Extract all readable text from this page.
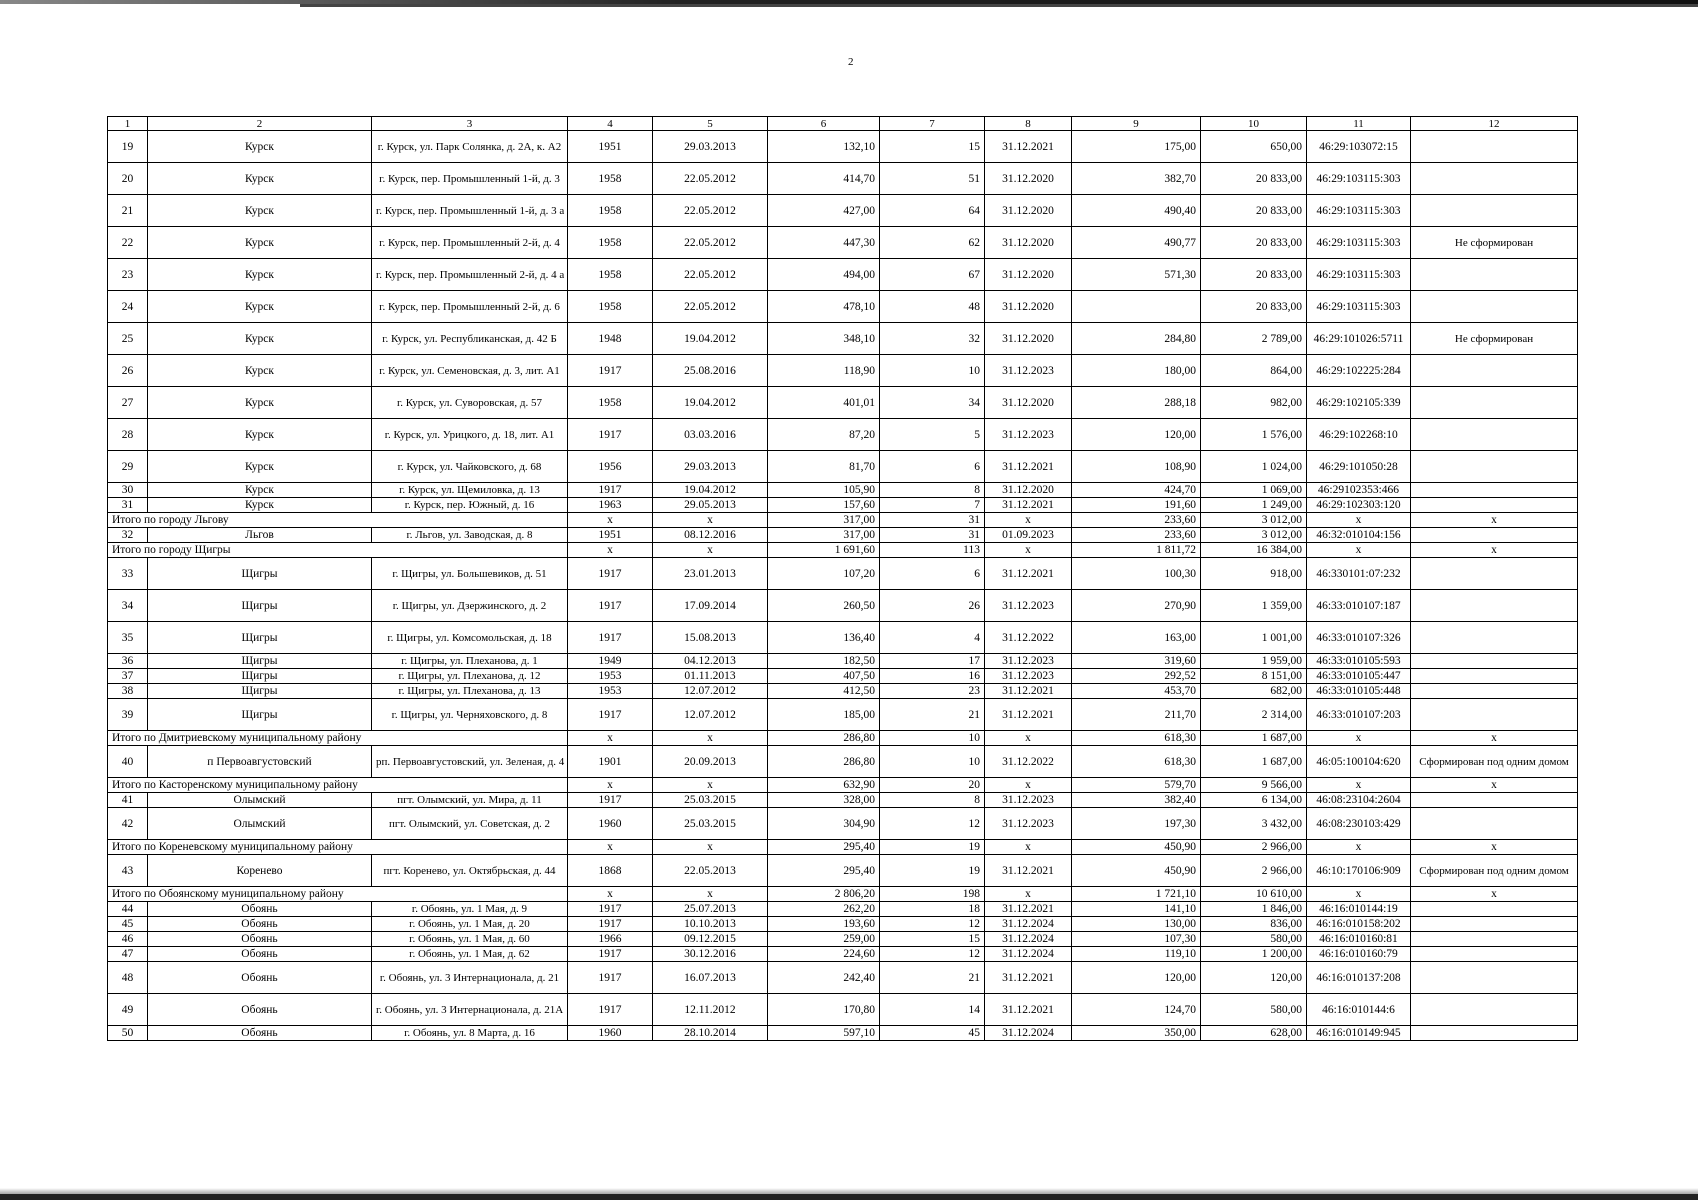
2
1	2	3	4	5	6	7	8	9	10	11	12
19	Курск	г. Курск, ул. Парк Солянка, д. 2А, к. А2	1951	29.03.2013	132,10	15	31.12.2021	175,00	650,00	46:29:103072:15	
20	Курск	г. Курск, пер. Промышленный 1-й, д. 3	1958	22.05.2012	414,70	51	31.12.2020	382,70	20 833,00	46:29:103115:303	
21	Курск	г. Курск, пер. Промышленный 1-й, д. 3 а	1958	22.05.2012	427,00	64	31.12.2020	490,40	20 833,00	46:29:103115:303	
22	Курск	г. Курск, пер. Промышленный 2-й, д. 4	1958	22.05.2012	447,30	62	31.12.2020	490,77	20 833,00	46:29:103115:303	Не сформирован
23	Курск	г. Курск, пер. Промышленный 2-й, д. 4 а	1958	22.05.2012	494,00	67	31.12.2020	571,30	20 833,00	46:29:103115:303	
24	Курск	г. Курск, пер. Промышленный 2-й, д. 6	1958	22.05.2012	478,10	48	31.12.2020		20 833,00	46:29:103115:303	
25	Курск	г. Курск, ул. Республиканская, д. 42 Б	1948	19.04.2012	348,10	32	31.12.2020	284,80	2 789,00	46:29:101026:5711	Не сформирован
26	Курск	г. Курск, ул. Семеновская, д. 3, лит. А1	1917	25.08.2016	118,90	10	31.12.2023	180,00	864,00	46:29:102225:284	
27	Курск	г. Курск, ул. Суворовская, д. 57	1958	19.04.2012	401,01	34	31.12.2020	288,18	982,00	46:29:102105:339	
28	Курск	г. Курск, ул. Урицкого, д. 18, лит. А1	1917	03.03.2016	87,20	5	31.12.2023	120,00	1 576,00	46:29:102268:10	
29	Курск	г. Курск, ул. Чайковского, д. 68	1956	29.03.2013	81,70	6	31.12.2021	108,90	1 024,00	46:29:101050:28	
30	Курск	г. Курск, ул. Щемиловка, д. 13	1917	19.04.2012	105,90	8	31.12.2020	424,70	1 069,00	46:29102353:466	
31	Курск	г. Курск, пер. Южный, д. 16	1963	29.05.2013	157,60	7	31.12.2021	191,60	1 249,00	46:29:102303:120	
Итого по городу Льгову			х	х	317,00	31	х	233,60	3 012,00	х	х
32	Льгов	г. Льгов, ул. Заводская, д. 8	1951	08.12.2016	317,00	31	01.09.2023	233,60	3 012,00	46:32:010104:156	
Итого по городу Щигры			х	х	1 691,60	113	х	1 811,72	16 384,00	х	х
33	Щигры	г. Щигры, ул. Большевиков, д. 51	1917	23.01.2013	107,20	6	31.12.2021	100,30	918,00	46:330101:07:232	
34	Щигры	г. Щигры, ул. Дзержинского, д. 2	1917	17.09.2014	260,50	26	31.12.2023	270,90	1 359,00	46:33:010107:187	
35	Щигры	г. Щигры, ул. Комсомольская, д. 18	1917	15.08.2013	136,40	4	31.12.2022	163,00	1 001,00	46:33:010107:326	
36	Щигры	г. Щигры, ул. Плеханова, д. 1	1949	04.12.2013	182,50	17	31.12.2023	319,60	1 959,00	46:33:010105:593	
37	Щигры	г. Щигры, ул. Плеханова, д. 12	1953	01.11.2013	407,50	16	31.12.2023	292,52	8 151,00	46:33:010105:447	
38	Щигры	г. Щигры, ул. Плеханова, д. 13	1953	12.07.2012	412,50	23	31.12.2021	453,70	682,00	46:33:010105:448	
39	Щигры	г. Щигры, ул. Черняховского, д. 8	1917	12.07.2012	185,00	21	31.12.2021	211,70	2 314,00	46:33:010107:203	
Итого по Дмитриевскому муниципальному району			х	х	286,80	10	х	618,30	1 687,00	х	х
40	п Первоавгустовский	рп. Первоавгустовский, ул. Зеленая, д. 4	1901	20.09.2013	286,80	10	31.12.2022	618,30	1 687,00	46:05:100104:620	Сформирован под одним домом
Итого по Касторенскому муниципальному району			х	х	632,90	20	х	579,70	9 566,00	х	х
41	Олымский	пгт. Олымский, ул. Мира, д. 11	1917	25.03.2015	328,00	8	31.12.2023	382,40	6 134,00	46:08:23104:2604	
42	Олымский	пгт. Олымский, ул. Советская, д. 2	1960	25.03.2015	304,90	12	31.12.2023	197,30	3 432,00	46:08:230103:429	
Итого по Кореневскому муниципальному району			х	х	295,40	19	х	450,90	2 966,00	х	х
43	Коренево	пгт. Коренево, ул. Октябрьская, д. 44	1868	22.05.2013	295,40	19	31.12.2021	450,90	2 966,00	46:10:170106:909	Сформирован под одним домом
Итого по Обоянскому муниципальному району			х	х	2 806,20	198	х	1 721,10	10 610,00	х	х
44	Обоянь	г. Обоянь, ул. 1 Мая, д. 9	1917	25.07.2013	262,20	18	31.12.2021	141,10	1 846,00	46:16:010144:19	
45	Обоянь	г. Обоянь, ул. 1 Мая, д. 20	1917	10.10.2013	193,60	12	31.12.2024	130,00	836,00	46:16:010158:202	
46	Обоянь	г. Обоянь, ул. 1 Мая, д. 60	1966	09.12.2015	259,00	15	31.12.2024	107,30	580,00	46:16:010160:81	
47	Обоянь	г. Обоянь, ул. 1 Мая, д. 62	1917	30.12.2016	224,60	12	31.12.2024	119,10	1 200,00	46:16:010160:79	
48	Обоянь	г. Обоянь, ул. 3 Интернационала, д. 21	1917	16.07.2013	242,40	21	31.12.2021	120,00	120,00	46:16:010137:208	
49	Обоянь	г. Обоянь, ул. 3 Интернационала, д. 21А	1917	12.11.2012	170,80	14	31.12.2021	124,70	580,00	46:16:010144:6	
50	Обоянь	г. Обоянь, ул. 8 Марта, д. 16	1960	28.10.2014	597,10	45	31.12.2024	350,00	628,00	46:16:010149:945	
